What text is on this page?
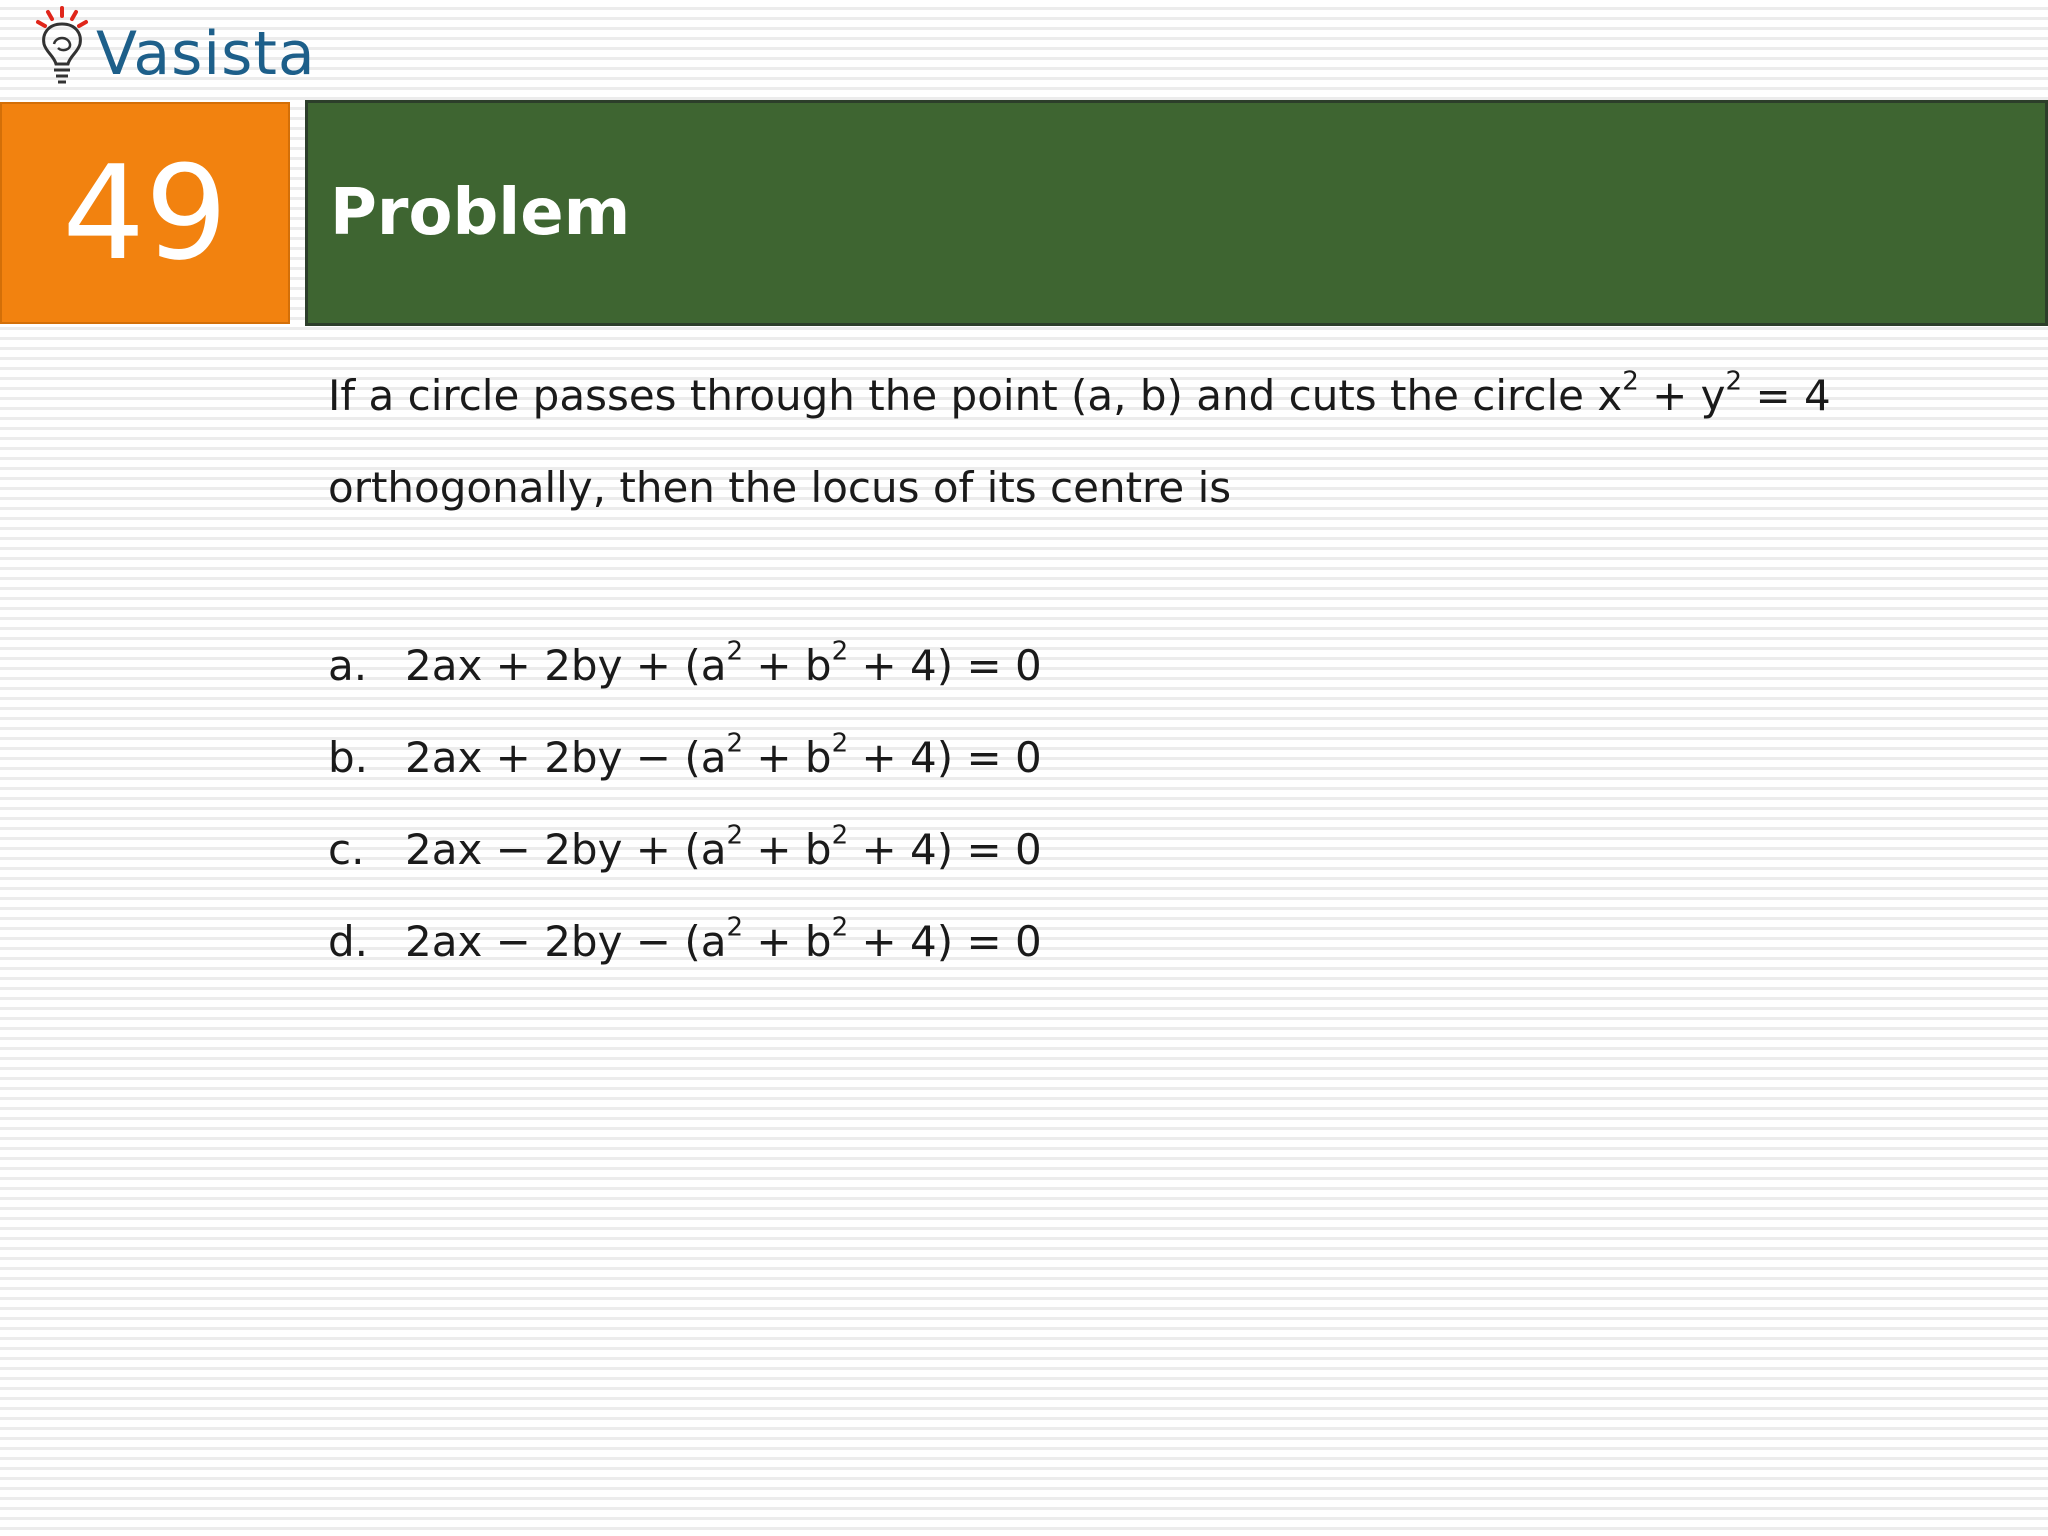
Vasista
49 Problem
If a circle passes through the point (a, b) and cuts the circle $x^2 + y^2 = 4$
orthogonally, then the locus of its centre is
a. $2ax + 2by + (a^2 + b^2 + 4) = 0$
b. $2ax + 2by - (a^2 + b^2 + 4) = 0$
c. $2ax - 2by + (a^2 + b^2 + 4) = 0$
d. $2ax - 2by - (a^2 + b^2 + 4) = 0$
